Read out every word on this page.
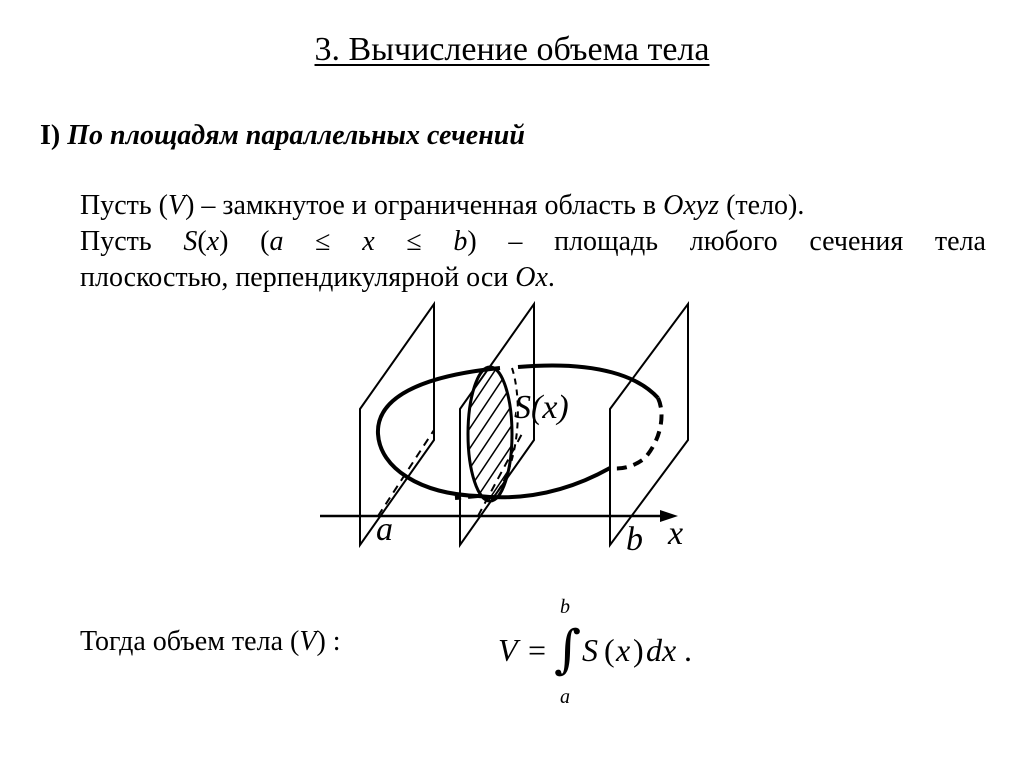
3. Вычисление объема тела
I) По площадям параллельных сечений
Пусть (V) – замкнутое и ограниченная область в Oxyz (тело).
Пусть S(x) (a ≤ x ≤ b) – площадь любого сечения тела
плоскостью, перпендикулярной оси Ox.
S(x)
a	b x
Тогда объем тела (V) :
b
V = ∫ S ( x ) dx .
a
